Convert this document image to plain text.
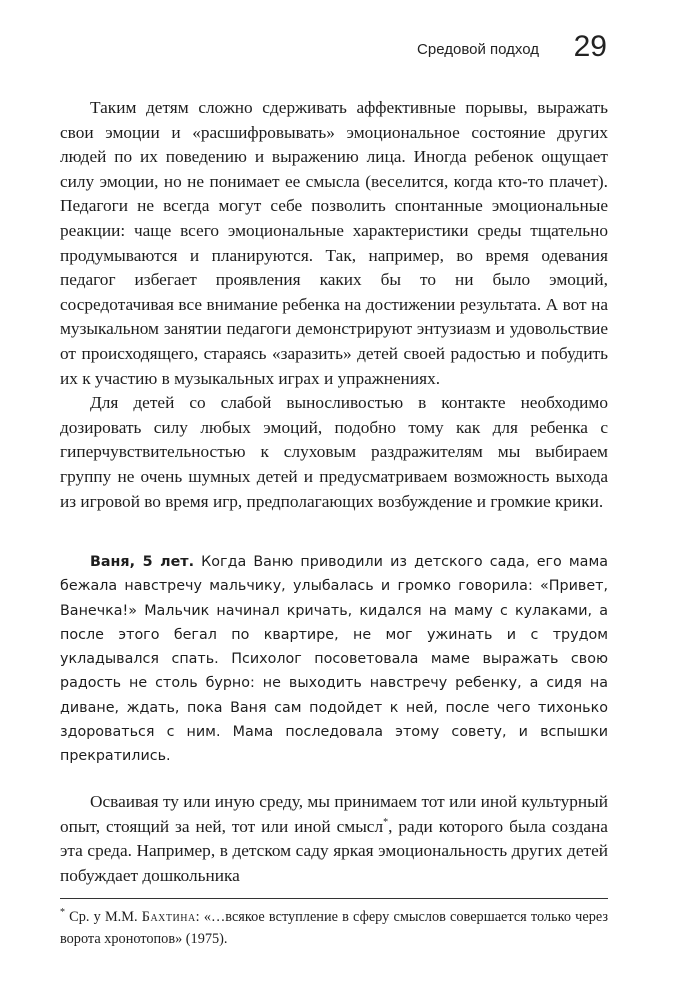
Средовой подход 29

Таким детям сложно сдерживать аффективные порывы, выражать свои эмоции и «расшифровывать» эмоциональное состояние других людей по их поведению и выражению лица. Иногда ребенок ощущает силу эмоции, но не понимает ее смысла (веселится, когда кто-то плачет). Педагоги не всегда могут себе позволить спонтанные эмоциональные реакции: чаще всего эмоциональные характеристики среды тщательно продумываются и планируются. Так, например, во время одевания педагог избегает проявления каких бы то ни было эмоций, сосредотачивая все внимание ребенка на достижении результата. А вот на музыкальном занятии педагоги демонстрируют энтузиазм и удовольствие от происходящего, стараясь «заразить» детей своей радостью и побудить их к участию в музыкальных играх и упражнениях.

Для детей со слабой выносливостью в контакте необходимо дозировать силу любых эмоций, подобно тому как для ребенка с гиперчувствительностью к слуховым раздражителям мы выбираем группу не очень шумных детей и предусматриваем возможность выхода из игровой во время игр, предполагающих возбуждение и громкие крики.

Ваня, 5 лет. Когда Ваню приводили из детского сада, его мама бежала навстречу мальчику, улыбалась и громко говорила: «Привет, Ванечка!» Мальчик начинал кричать, кидался на маму с кулаками, а после этого бегал по квартире, не мог ужинать и с трудом укладывался спать. Психолог посоветовала маме выражать свою радость не столь бурно: не выходить навстречу ребенку, а сидя на диване, ждать, пока Ваня сам подойдет к ней, после чего тихонько здороваться с ним. Мама последовала этому совету, и вспышки прекратились.

Осваивая ту или иную среду, мы принимаем тот или иной культурный опыт, стоящий за ней, тот или иной смысл*, ради которого была создана эта среда. Например, в детском саду яркая эмоциональность других детей побуждает дошкольника

* Ср. у М.М. Бахтина: «…всякое вступление в сферу смыслов совершается только через ворота хронотопов» (1975).
